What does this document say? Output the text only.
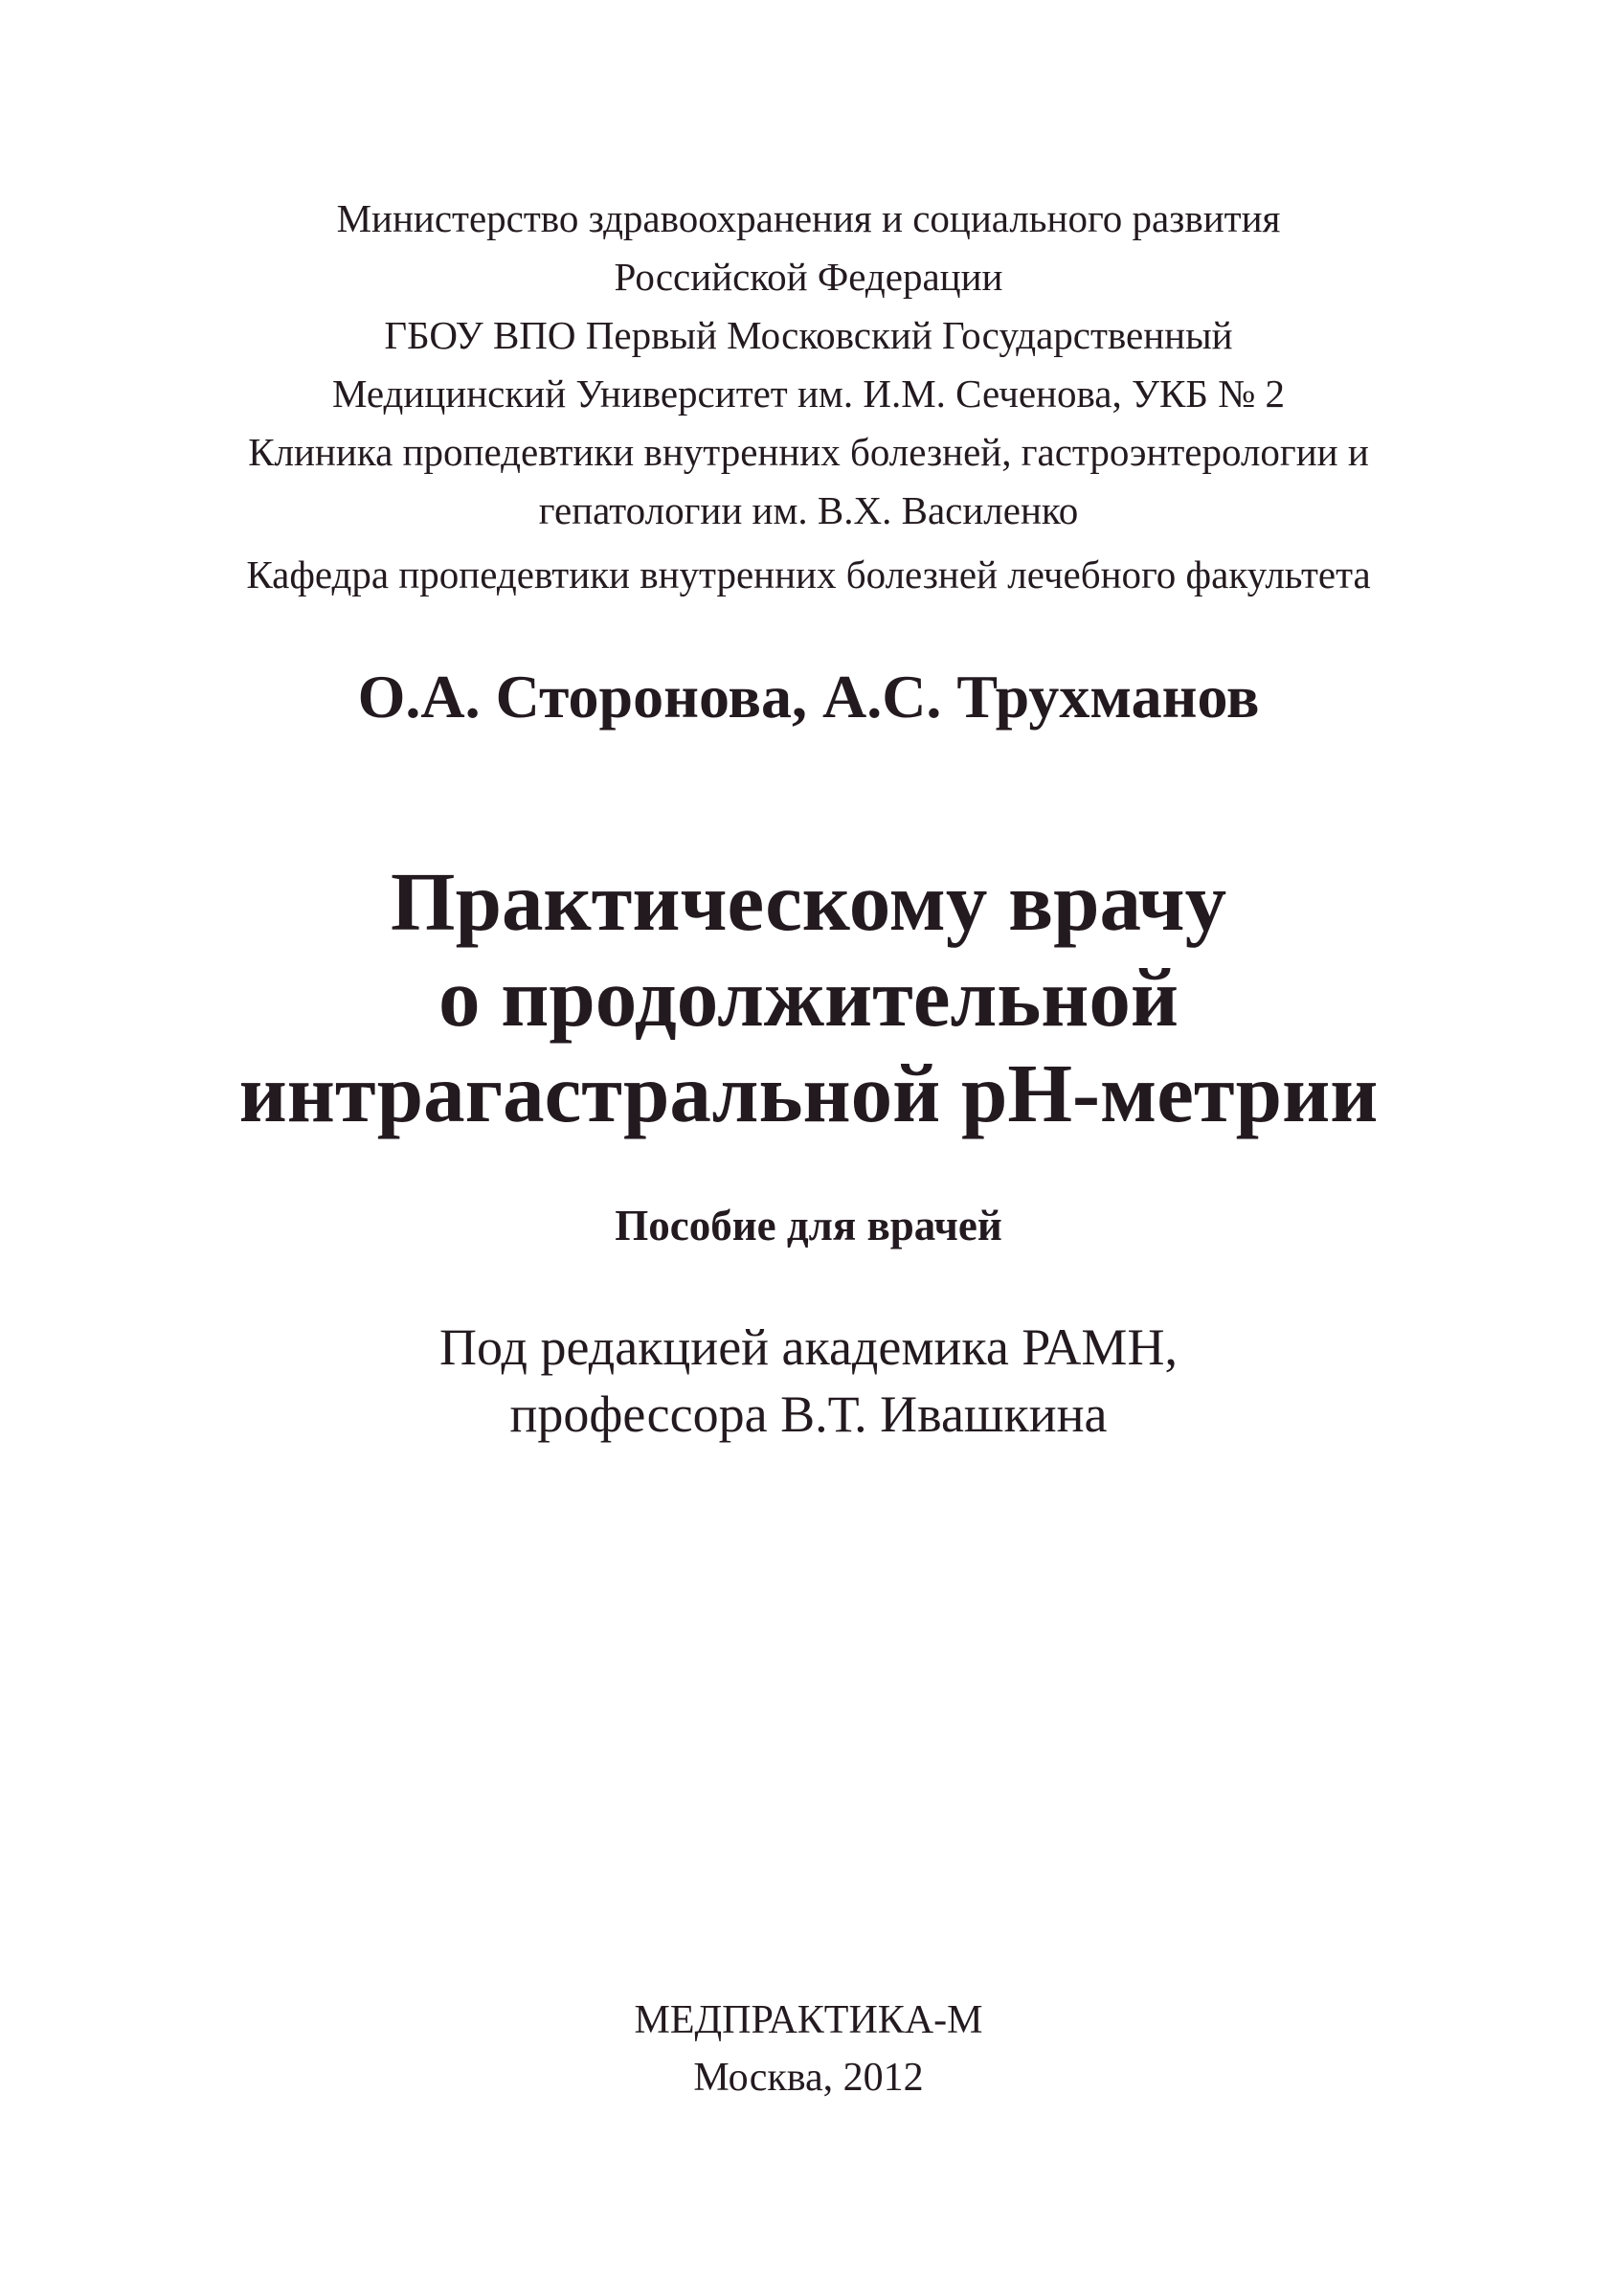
Министерство здравоохранения и социального развития
Российской Федерации
ГБОУ ВПО Первый Московский Государственный
Медицинский Университет им. И.М. Сеченова, УКБ № 2
Клиника пропедевтики внутренних болезней, гастроэнтерологии и
гепатологии им. В.Х. Василенко
Кафедра пропедевтики внутренних болезней лечебного факультета
О.А. Сторонова, А.С. Трухманов
Практическому врачу
о продолжительной
интрагастральной рН-метрии
Пособие для врачей
Под редакцией академика РАМН,
профессора В.Т. Ивашкина
МЕДПРАКТИКА-М
Москва, 2012
